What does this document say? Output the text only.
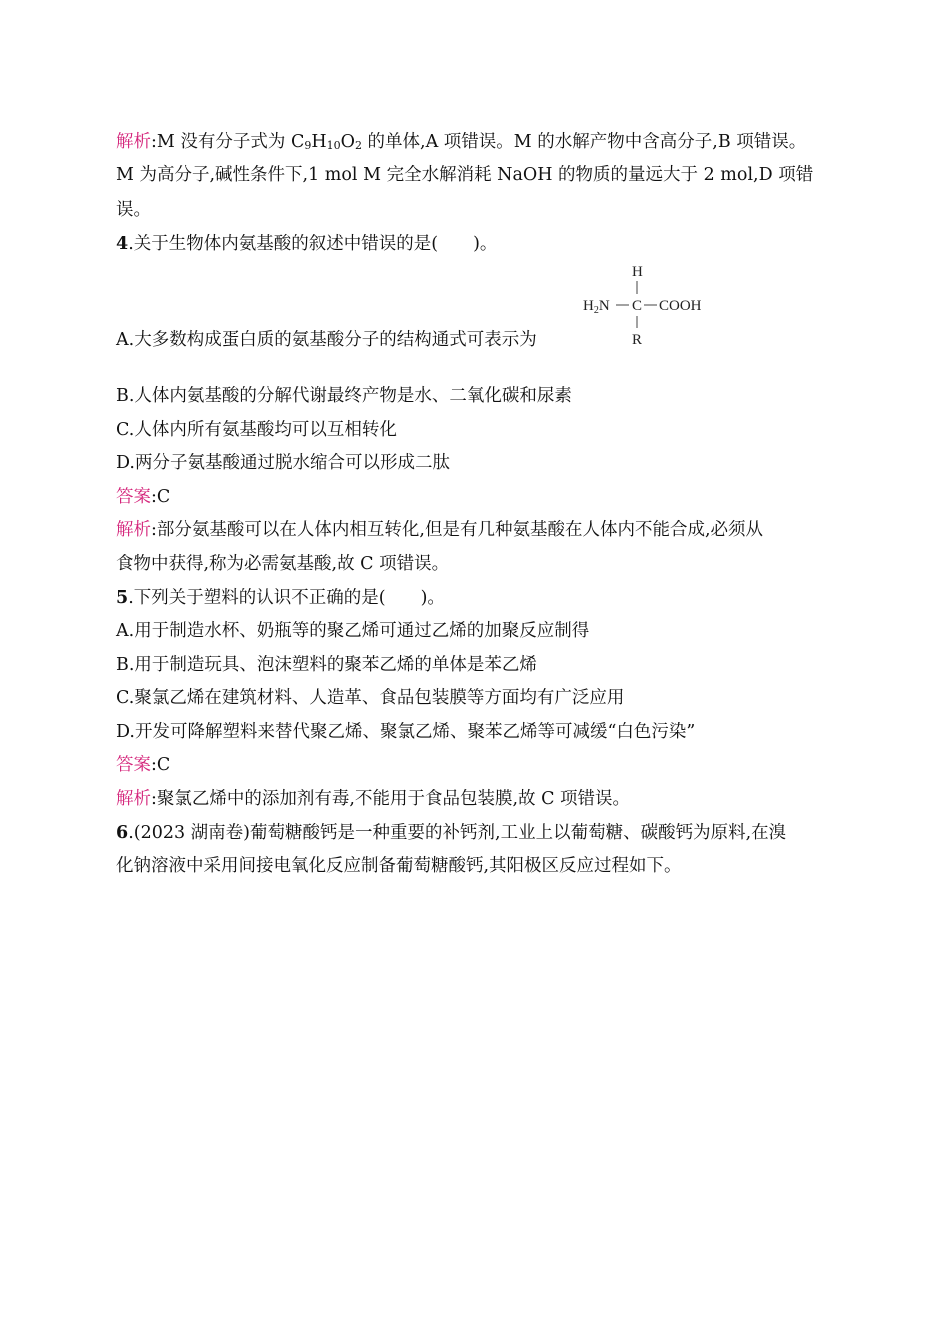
解析:M 没有分子式为 $C_9H_{10}O_2$ 的单体,A 项错误。M 的水解产物中含高分子,B 项错误。
M 为高分子,碱性条件下,1 mol M 完全水解消耗 NaOH 的物质的量远大于 2 mol,D 项错
误。
4.关于生物体内氨基酸的叙述中错误的是(　　)。
A.大多数构成蛋白质的氨基酸分子的结构通式可表示为
H
$H_2N$ C COOH
R
B.人体内氨基酸的分解代谢最终产物是水、二氧化碳和尿素
C.人体内所有氨基酸均可以互相转化
D.两分子氨基酸通过脱水缩合可以形成二肽
答案:C
解析:部分氨基酸可以在人体内相互转化,但是有几种氨基酸在人体内不能合成,必须从
食物中获得,称为必需氨基酸,故 C 项错误。
5.下列关于塑料的认识不正确的是(　　)。
A.用于制造水杯、奶瓶等的聚乙烯可通过乙烯的加聚反应制得
B.用于制造玩具、泡沫塑料的聚苯乙烯的单体是苯乙烯
C.聚氯乙烯在建筑材料、人造革、食品包装膜等方面均有广泛应用
D.开发可降解塑料来替代聚乙烯、聚氯乙烯、聚苯乙烯等可减缓“白色污染”
答案:C
解析:聚氯乙烯中的添加剂有毒,不能用于食品包装膜,故 C 项错误。
6.(2023 湖南卷)葡萄糖酸钙是一种重要的补钙剂,工业上以葡萄糖、碳酸钙为原料,在溴
化钠溶液中采用间接电氧化反应制备葡萄糖酸钙,其阳极区反应过程如下。
